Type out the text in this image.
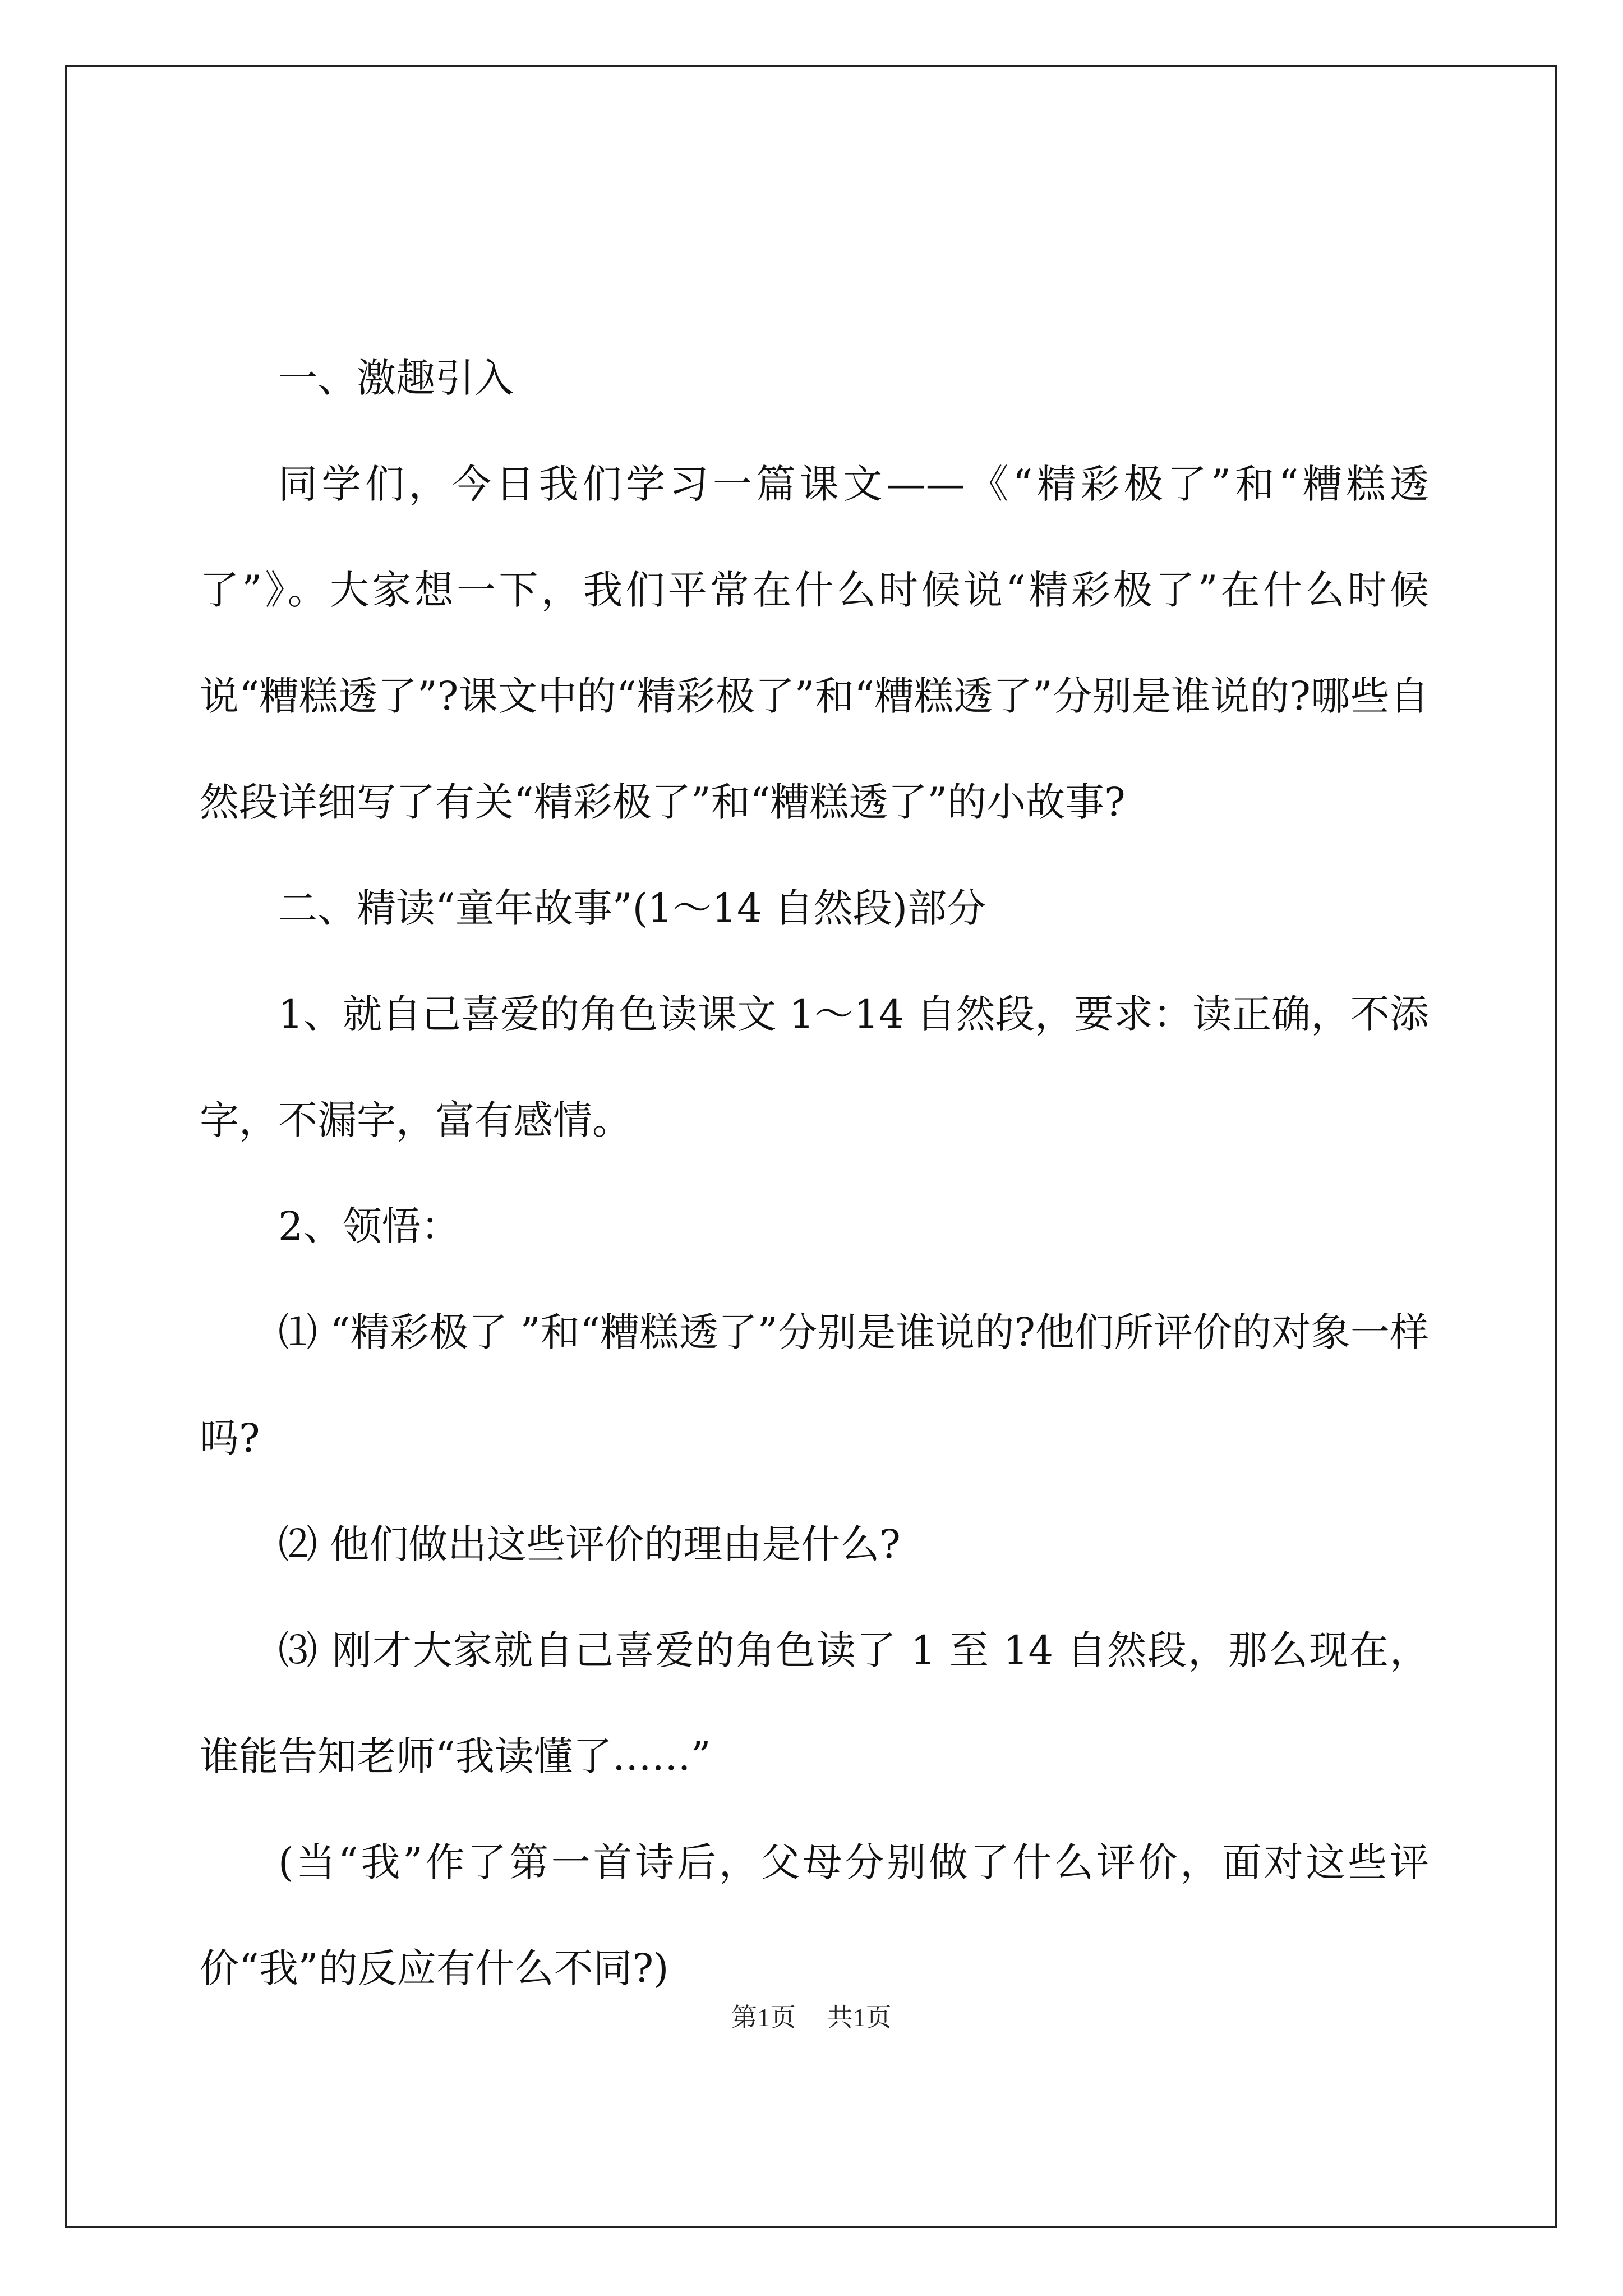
一、激趣引入

同学们，今日我们学习一篇课文——《“精彩极了”和“糟糕透了”》。大家想一下，我们平常在什么时候说“精彩极了”在什么时候说“糟糕透了”?课文中的“精彩极了”和“糟糕透了”分别是谁说的?哪些自然段详细写了有关“精彩极了”和“糟糕透了”的小故事?

二、精读“童年故事”(1～14 自然段)部分

1、就自己喜爱的角色读课文 1～14 自然段，要求：读正确，不添字，不漏字，富有感情。

2、领悟：

⑴ “精彩极了 ”和“糟糕透了”分别是谁说的?他们所评价的对象一样吗?

⑵ 他们做出这些评价的理由是什么?

⑶ 刚才大家就自己喜爱的角色读了 1 至 14 自然段，那么现在，谁能告知老师“我读懂了……”

(当“我”作了第一首诗后，父母分别做了什么评价，面对这些评价“我”的反应有什么不同?)

第1页 共1页
